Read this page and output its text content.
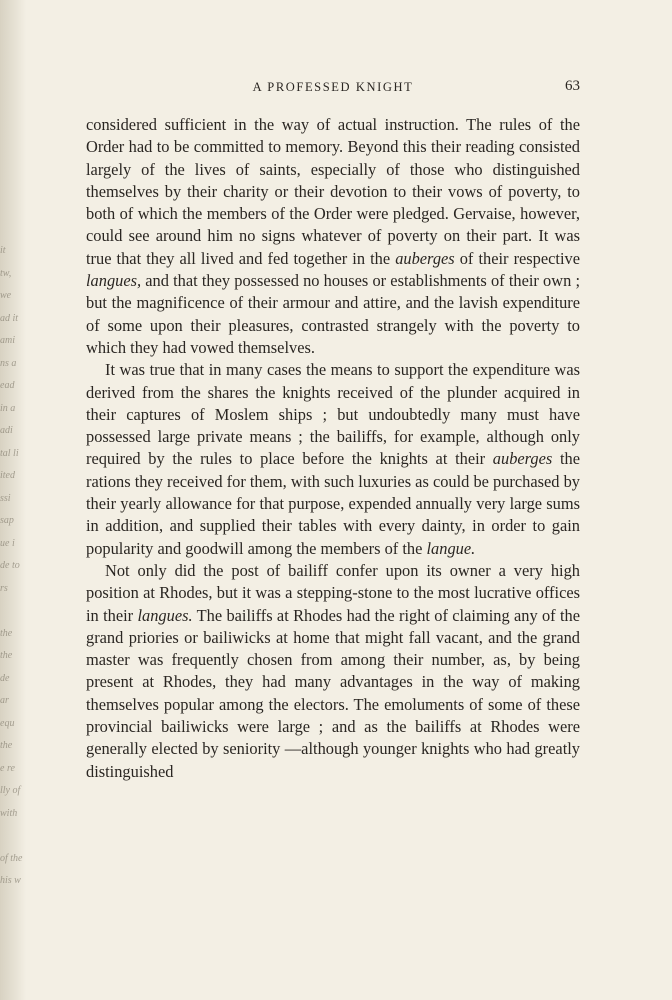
it
tw,
we
ad it
ami
ns a
ead
in a
adi
tal li
ited
ssi
sap
ue i
de to
rs

the
the
de
ar
equ
the
e re
lly of
with

of the
his w
A PROFESSED KNIGHT	63

considered sufficient in the way of actual instruction. The rules of the Order had to be committed to memory. Beyond this their reading consisted largely of the lives of saints, especially of those who distinguished themselves by their charity or their devotion to their vows of poverty, to both of which the members of the Order were pledged. Gervaise, however, could see around him no signs whatever of poverty on their part. It was true that they all lived and fed together in the auberges of their respective langues, and that they possessed no houses or establishments of their own ; but the magnificence of their armour and attire, and the lavish expenditure of some upon their pleasures, contrasted strangely with the poverty to which they had vowed themselves.

It was true that in many cases the means to support the expenditure was derived from the shares the knights received of the plunder acquired in their captures of Moslem ships ; but undoubtedly many must have possessed large private means ; the bailiffs, for example, although only required by the rules to place before the knights at their auberges the rations they received for them, with such luxuries as could be purchased by their yearly allowance for that purpose, expended annually very large sums in addition, and supplied their tables with every dainty, in order to gain popularity and goodwill among the members of the langue.

Not only did the post of bailiff confer upon its owner a very high position at Rhodes, but it was a stepping-stone to the most lucrative offices in their langues. The bailiffs at Rhodes had the right of claiming any of the grand priories or bailiwicks at home that might fall vacant, and the grand master was frequently chosen from among their number, as, by being present at Rhodes, they had many advantages in the way of making themselves popular among the electors. The emoluments of some of these provincial bailiwicks were large ; and as the bailiffs at Rhodes were generally elected by seniority —although younger knights who had greatly distinguished
